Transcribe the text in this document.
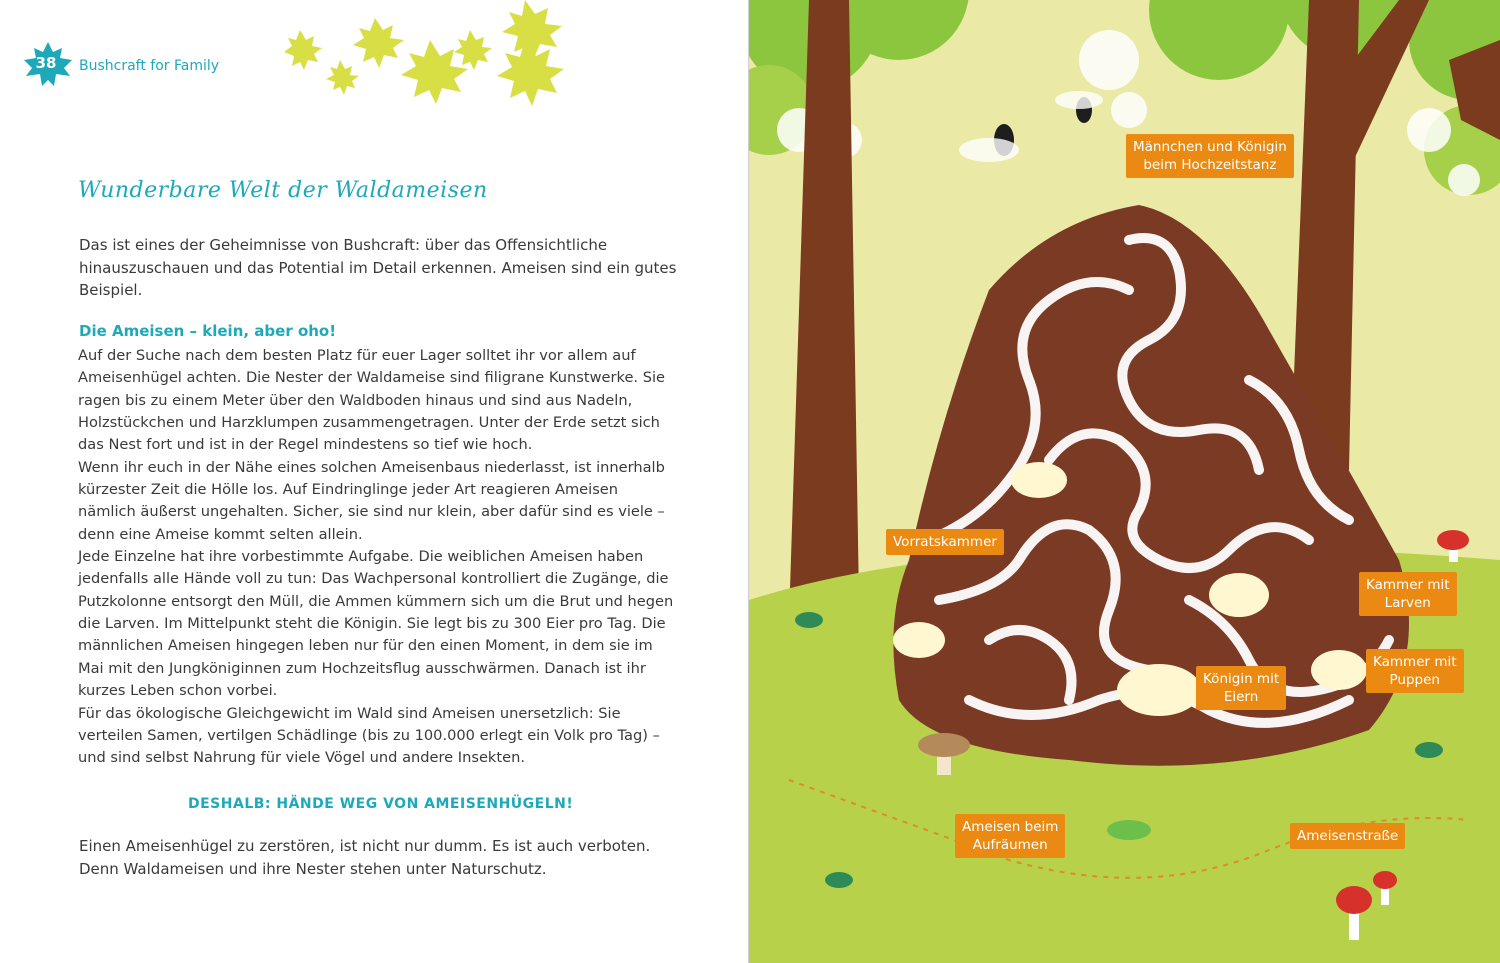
38	Bushcraft for Family
Wunderbare Welt der Waldameisen

Das ist eines der Geheimnisse von Bushcraft: über das Offensichtliche hinauszuschauen und das Potential im Detail erkennen. Ameisen sind ein gutes Beispiel.

Die Ameisen – klein, aber oho!

Auf der Suche nach dem besten Platz für euer Lager solltet ihr vor allem auf Ameisenhügel achten. Die Nester der Waldameise sind filigrane Kunstwerke. Sie ragen bis zu einem Meter über den Waldboden hinaus und sind aus Nadeln, Holzstückchen und Harzklumpen zusammengetragen. Unter der Erde setzt sich das Nest fort und ist in der Regel mindestens so tief wie hoch.

Wenn ihr euch in der Nähe eines solchen Ameisenbaus niederlasst, ist innerhalb kürzester Zeit die Hölle los. Auf Eindringlinge jeder Art reagieren Ameisen nämlich äußerst ungehalten. Sicher, sie sind nur klein, aber dafür sind es viele – denn eine Ameise kommt selten allein.

Jede Einzelne hat ihre vorbestimmte Aufgabe. Die weiblichen Ameisen haben jedenfalls alle Hände voll zu tun: Das Wachpersonal kontrolliert die Zugänge, die Putzkolonne entsorgt den Müll, die Ammen kümmern sich um die Brut und hegen die Larven. Im Mittelpunkt steht die Königin. Sie legt bis zu 300 Eier pro Tag. Die männlichen Ameisen hingegen leben nur für den einen Moment, in dem sie im Mai mit den Jungköniginnen zum Hochzeitsflug ausschwärmen. Danach ist ihr kurzes Leben schon vorbei.

Für das ökologische Gleichgewicht im Wald sind Ameisen unersetzlich: Sie verteilen Samen, vertilgen Schädlinge (bis zu 100.000 erlegt ein Volk pro Tag) – und sind selbst Nahrung für viele Vögel und andere Insekten.

DESHALB: HÄNDE WEG VON AMEISENHÜGELN!

Einen Ameisenhügel zu zerstören, ist nicht nur dumm. Es ist auch verboten. Denn Waldameisen und ihre Nester stehen unter Naturschutz.

Männchen und Königin
beim Hochzeitstanz
Vorratskammer
Kammer mit
Larven
Kammer mit
Puppen
Königin mit
Eiern
Ameisen beim
Aufräumen
Ameisenstraße
